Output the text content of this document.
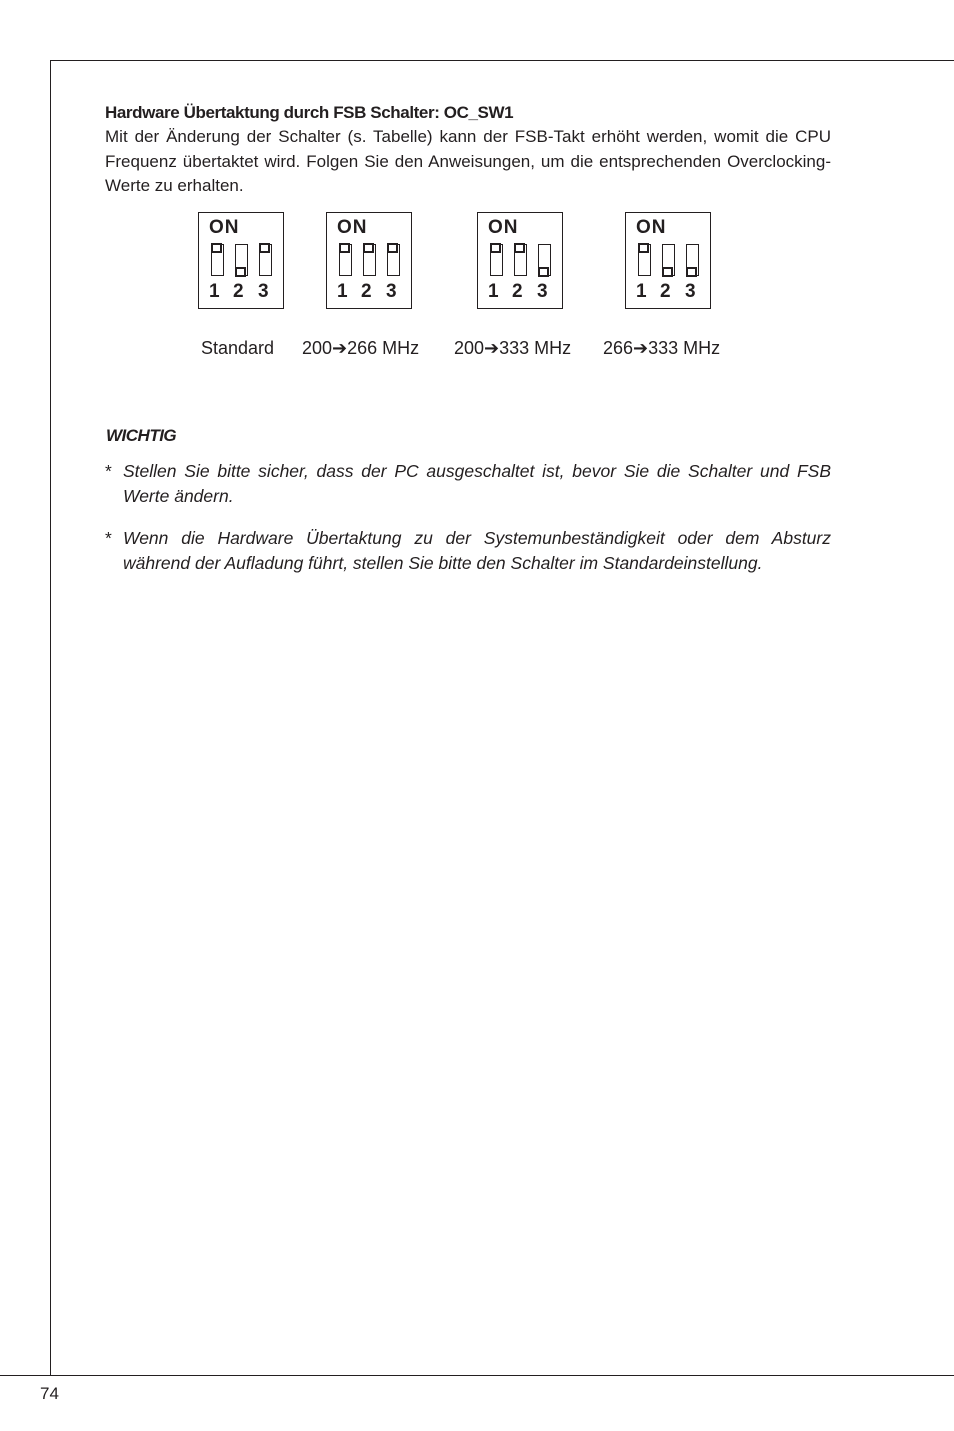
Hardware Übertaktung durch FSB Schalter: OC_SW1

Mit der Änderung der Schalter (s. Tabelle) kann der FSB-Takt erhöht werden, womit die CPU Frequenz übertaktet wird. Folgen Sie den Anweisungen, um die entsprechenden Overclocking-Werte zu erhalten.

ON
1 2 3
ON
1 2 3
ON
1 2 3
ON
1 2 3
Standard 200➔266 MHz 200➔333 MHz 266➔333 MHz
WICHTIG
* Stellen Sie bitte sicher, dass der PC ausgeschaltet ist, bevor Sie die Schalter und FSB Werte ändern.
* Wenn die Hardware Übertaktung zu der Systemunbeständigkeit oder dem Absturz während der Aufladung führt, stellen Sie bitte den Schalter im Standardeinstellung.
74
